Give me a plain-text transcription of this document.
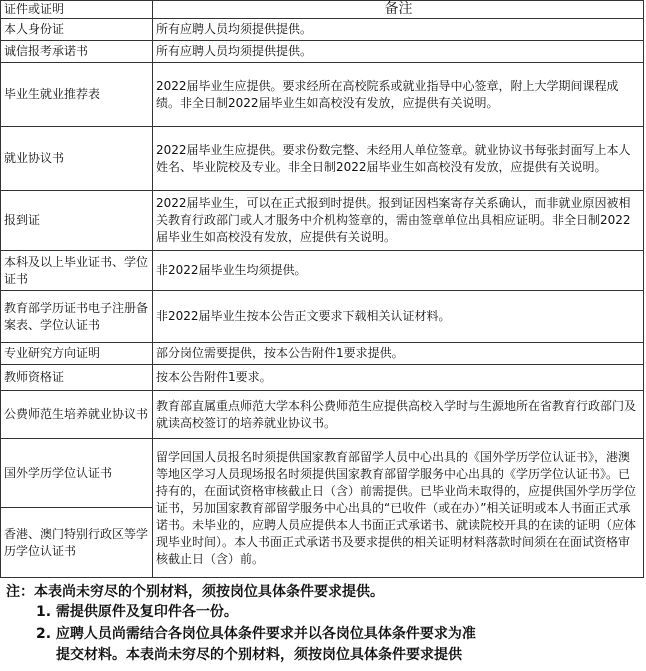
证件或证明	备注
本人身份证	所有应聘人员均须提供提供。
诚信报考承诺书	所有应聘人员均须提供提供。
毕业生就业推荐表	2022届毕业生应提供。要求经所在高校院系或就业指导中心签章，附上大学期间课程成绩。非全日制2022届毕业生如高校没有发放，应提供有关说明。
就业协议书	2022届毕业生应提供。要求份数完整、未经用人单位签章。就业协议书每张封面写上本人姓名、毕业院校及专业。非全日制2022届毕业生如高校没有发放，应提供有关说明。
报到证	2022届毕业生，可以在正式报到时提供。报到证因档案寄存关系确认，而非就业原因被相关教育行政部门或人才服务中介机构签章的，需由签章单位出具相应证明。非全日制2022届毕业生如高校没有发放，应提供有关说明。
本科及以上毕业证书、学位证书	非2022届毕业生均须提供。
教育部学历证书电子注册备案表、学位认证书	非2022届毕业生按本公告正文要求下载相关认证材料。
专业研究方向证明	部分岗位需要提供，按本公告附件1要求提供。
教师资格证	按本公告附件1要求。
公费师范生培养就业协议书	教育部直属重点师范大学本科公费师范生应提供高校入学时与生源地所在省教育行政部门及就读高校签订的培养就业协议书。
国外学历学位认证书	留学回国人员报名时须提供国家教育部留学人员中心出具的《国外学历学位认证书》，港澳等地区学习人员现场报名时须提供国家教育部留学服务中心出具的《学历学位认证书》。已持有的，在面试资格审核截止日（含）前需提供。已毕业尚未取得的，应提供国外学历学位证书，另加国家教育部留学服务中心出具的“已收件（或在办）”相关证明或本人书面正式承诺书。未毕业的，应聘人员应提供本人书面正式承诺书、就读院校开具的在读的证明（应体现毕业时间）。本人书面正式承诺书及要求提供的相关证明材料落款时间须在在面试资格审核截止日（含）前。
香港、澳门特别行政区等学历学位认证书	
注：本表尚未穷尽的个别材料，须按岗位具体条件要求提供。
1. 需提供原件及复印件各一份。
2. 应聘人员尚需结合各岗位具体条件要求并以各岗位具体条件要求为准
提交材料。本表尚未穷尽的个别材料，须按岗位具体条件要求提供
